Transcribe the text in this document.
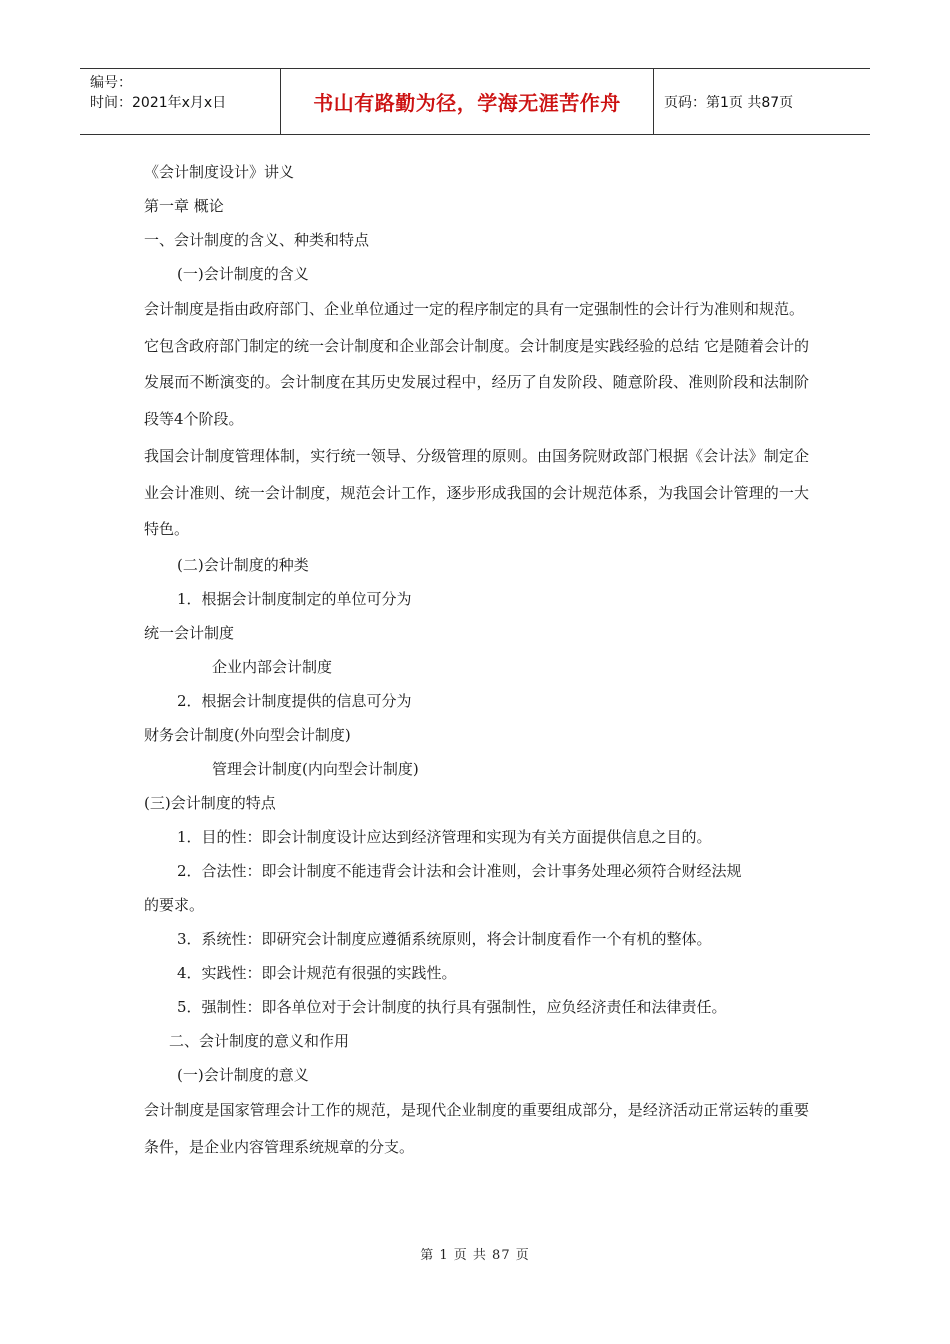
编号：
时间：2021年x月x日	书山有路勤为径，学海无涯苦作舟	页码：第1页 共87页
《会计制度设计》讲义
第一章 概论
一、会计制度的含义、种类和特点
(一)会计制度的含义
会计制度是指由政府部门、企业单位通过一定的程序制定的具有一定强制性的会计行为准则和规范。
它包含政府部门制定的统一会计制度和企业部会计制度。会计制度是实践经验的总结 它是随着会计的发展而不断演变的。会计制度在其历史发展过程中，经历了自发阶段、随意阶段、准则阶段和法制阶段等4个阶段。
我国会计制度管理体制，实行统一领导、分级管理的原则。由国务院财政部门根据《会计法》制定企业会计准则、统一会计制度，规范会计工作，逐步形成我国的会计规范体系，为我国会计管理的一大特色。
(二)会计制度的种类
1．根据会计制度制定的单位可分为
统一会计制度
企业内部会计制度
2．根据会计制度提供的信息可分为
财务会计制度(外向型会计制度)
管理会计制度(内向型会计制度)
(三)会计制度的特点
1．目的性：即会计制度设计应达到经济管理和实现为有关方面提供信息之目的。
2．合法性：即会计制度不能违背会计法和会计准则，会计事务处理必须符合财经法规
的要求。
3．系统性：即研究会计制度应遵循系统原则，将会计制度看作一个有机的整体。
4．实践性：即会计规范有很强的实践性。
5．强制性：即各单位对于会计制度的执行具有强制性，应负经济责任和法律责任。
二、会计制度的意义和作用
(一)会计制度的意义
会计制度是国家管理会计工作的规范，是现代企业制度的重要组成部分，是经济活动正常运转的重要条件，是企业内容管理系统规章的分支。
第 1 页 共 87 页
